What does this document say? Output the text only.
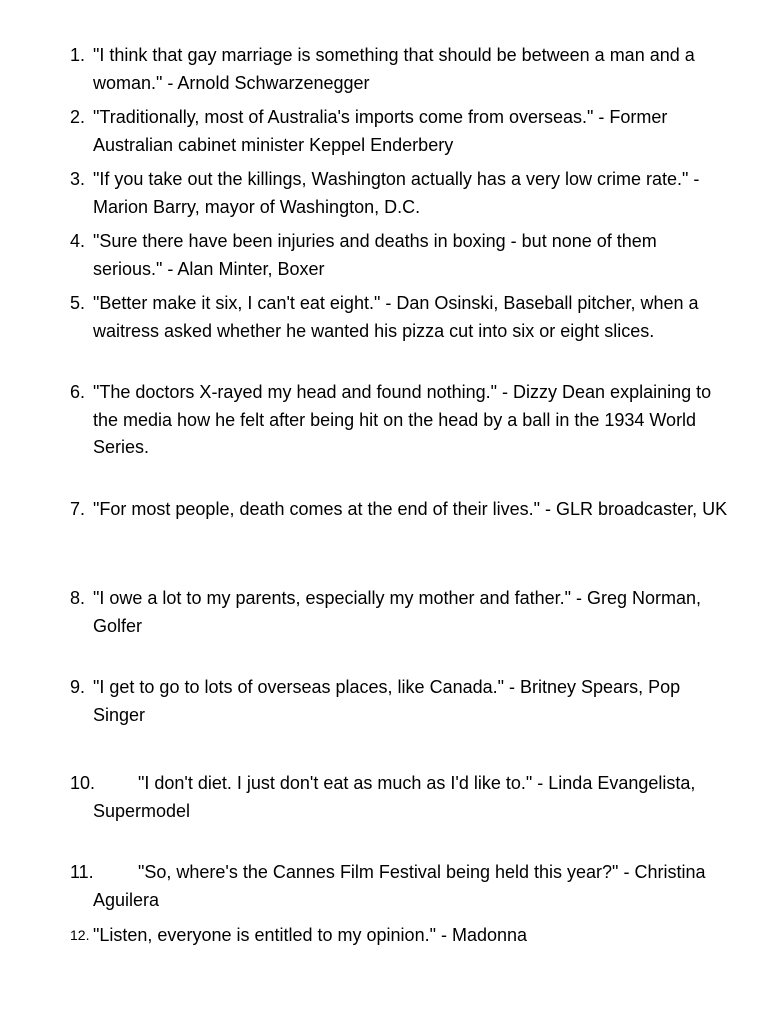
1. "I think that gay marriage is something that should be between a man and a woman." - Arnold Schwarzenegger
2. "Traditionally, most of Australia's imports come from overseas." - Former Australian cabinet minister Keppel Enderbery
3. "If you take out the killings, Washington actually has a very low crime rate." - Marion Barry, mayor of Washington, D.C.
4. "Sure there have been injuries and deaths in boxing - but none of them serious." - Alan Minter, Boxer
5. "Better make it six, I can't eat eight." - Dan Osinski, Baseball pitcher, when a waitress asked whether he wanted his pizza cut into six or eight slices.
6. "The doctors X-rayed my head and found nothing." - Dizzy Dean explaining to the media how he felt after being hit on the head by a ball in the 1934 World Series.
7. "For most people, death comes at the end of their lives." - GLR broadcaster, UK
8. "I owe a lot to my parents, especially my mother and father." - Greg Norman, Golfer
9. "I get to go to lots of overseas places, like Canada." - Britney Spears, Pop Singer
10.	"I don't diet. I just don't eat as much as I'd like to." - Linda Evangelista, Supermodel
11.	"So, where's the Cannes Film Festival being held this year?" - Christina Aguilera
12. "Listen, everyone is entitled to my opinion." - Madonna
